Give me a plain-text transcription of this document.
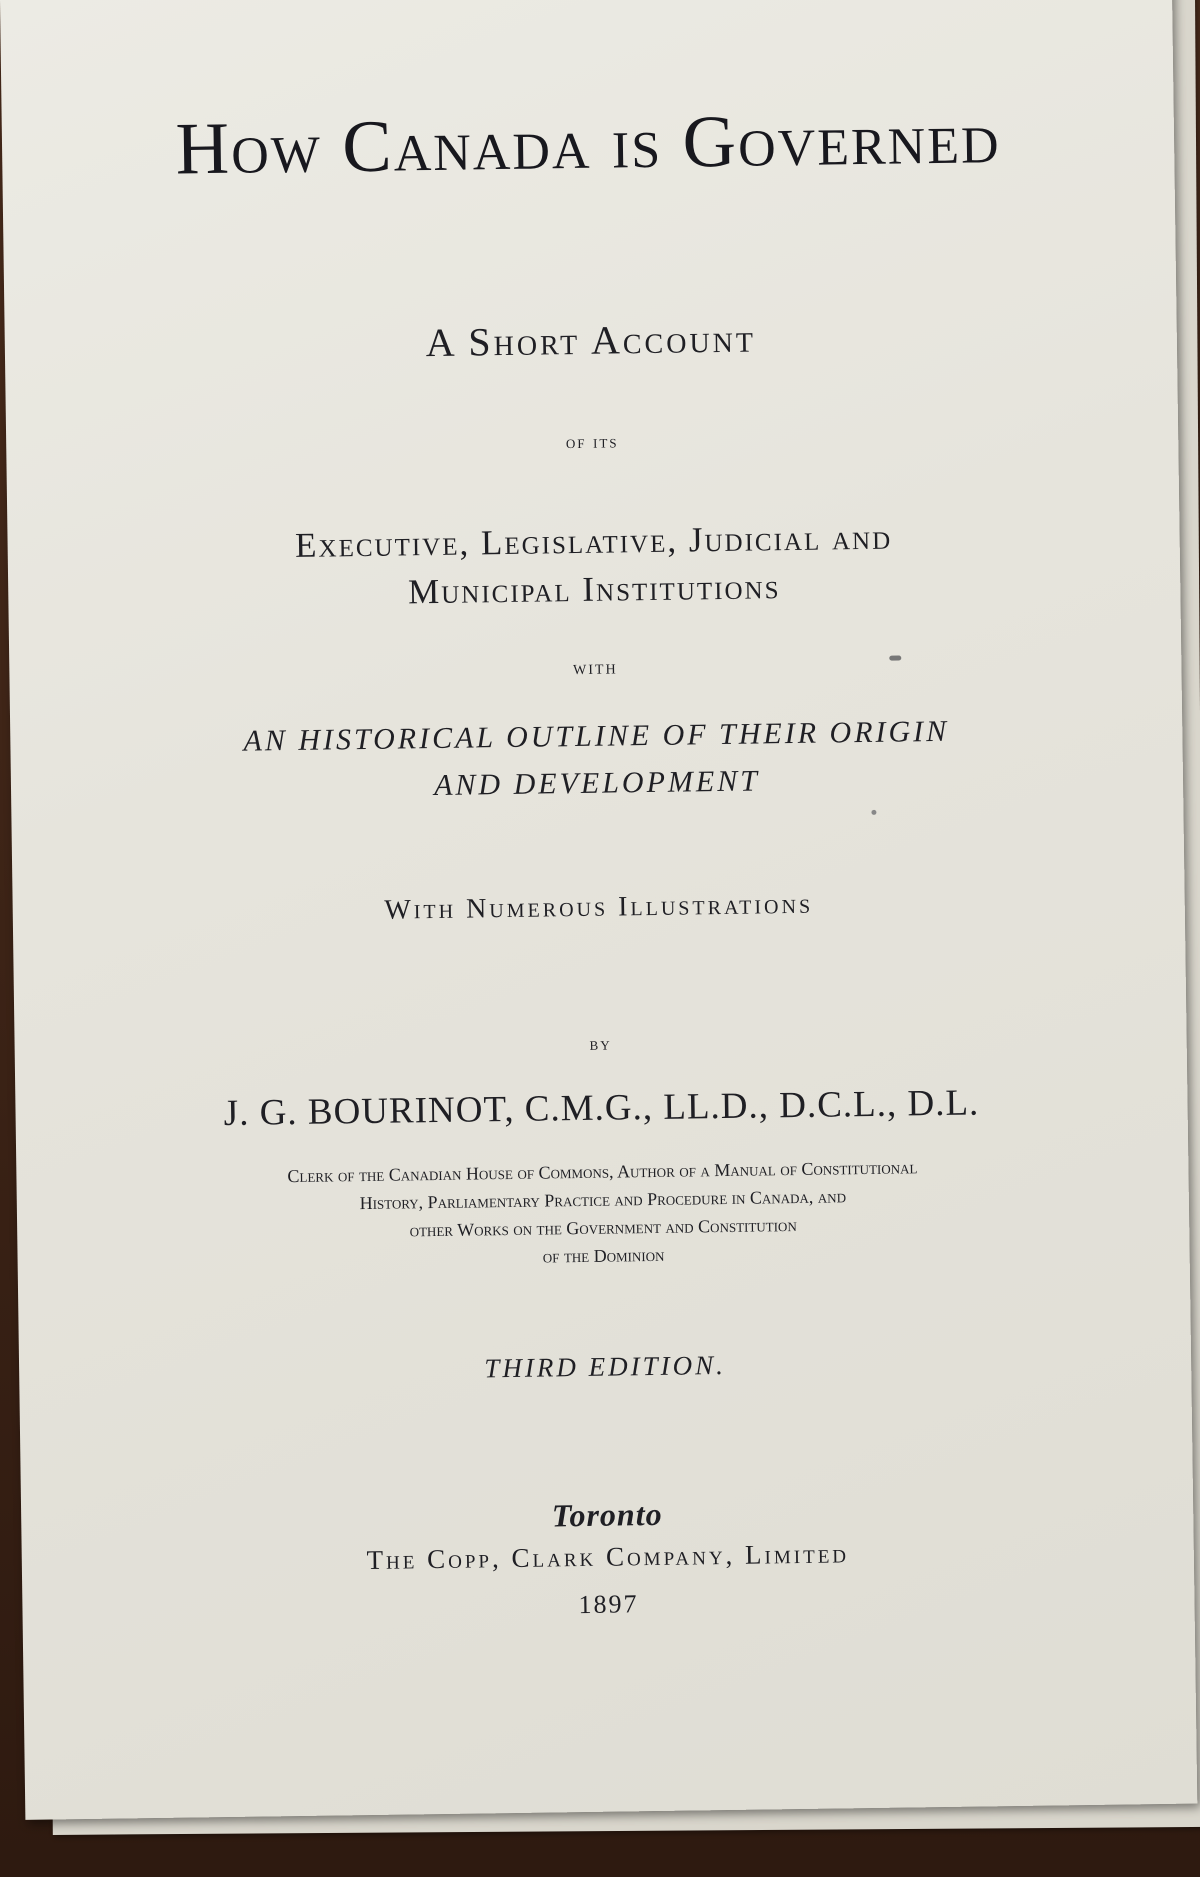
How Canada is Governed
A Short Account
of its
Executive, Legislative, Judicial and
Municipal Institutions
with
AN HISTORICAL OUTLINE OF THEIR ORIGIN
AND DEVELOPMENT
With Numerous Illustrations
by
J. G. BOURINOT, C.M.G., LL.D., D.C.L., D.L.
Clerk of the Canadian House of Commons, Author of a Manual of Constitutional
History, Parliamentary Practice and Procedure in Canada, and
other Works on the Government and Constitution
of the Dominion
THIRD EDITION.
Toronto
The Copp, Clark Company, Limited
1897
